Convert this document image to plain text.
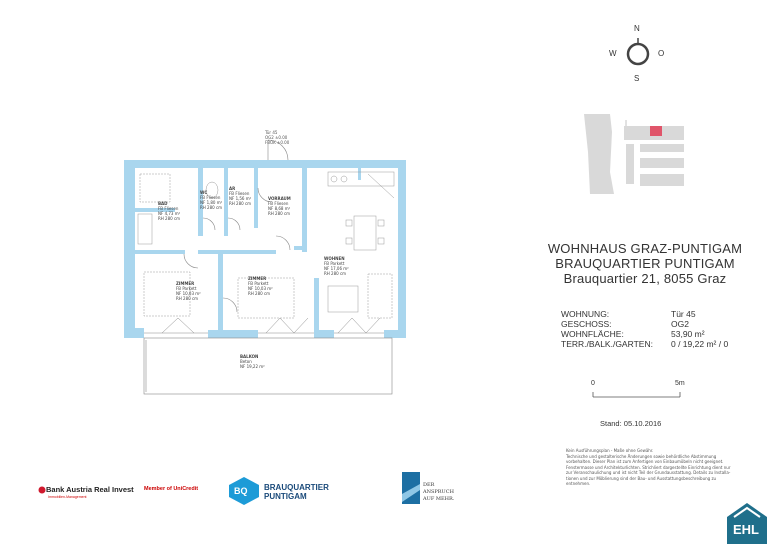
Tür 45
OG2 ±0.00
FBOK ±0.00
BAD
FB Fliesen
NF 4,73 m²
RH 280 cm
WC
FB Fliesen
NF 1,80 m²
RH 280 cm
AR
FB Fliesen
NF 1,56 m²
RH 280 cm
VORRAUM
FB Fliesen
NF 8,68 m²
RH 280 cm
WOHNEN
FB Parkett
NF 17,06 m²
RH 280 cm
ZIMMER
FB Parkett
NF 10,03 m²
RH 280 cm
ZIMMER
FB Parkett
NF 10,03 m²
RH 280 cm
BALKON
Beton
NF 19,22 m²
N
S
W	O
WOHNHAUS GRAZ-PUNTIGAM
BRAUQUARTIER PUNTIGAM
Brauquartier 21, 8055 Graz
WOHNUNG:	Tür 45
GESCHOSS:	OG2
WOHNFLÄCHE:	53,90 m²
TERR./BALK./GARTEN: 0 / 19,22 m² / 0
0	5m
Stand: 05.10.2016
Kein Ausführungsplan - Maße ohne Gewähr.
Technische und gestalterische Änderungen sowie behördliche Abstimmung
vorbehalten. Dieser Plan ist zum Anfertigen von Einbaumöbeln nicht geeignet.
Fenstermasse und Architekturlichten. Strichliert dargestellte Einrichtung dient nur
zur Veranschaulichung und ist nicht Teil der Grundausstattung. Details zu Installa-
tionen und zur Möblierung sind der Bau- und Ausstattungsbeschreibung zu
entnehmen.
Bank Austria Real Invest
Immobilien-Management
Member of UniCredit	BQ BRAUQUARTIER
PUNTIGAM
DER
ANSPRUCH
AUF MEHR.
EHL
